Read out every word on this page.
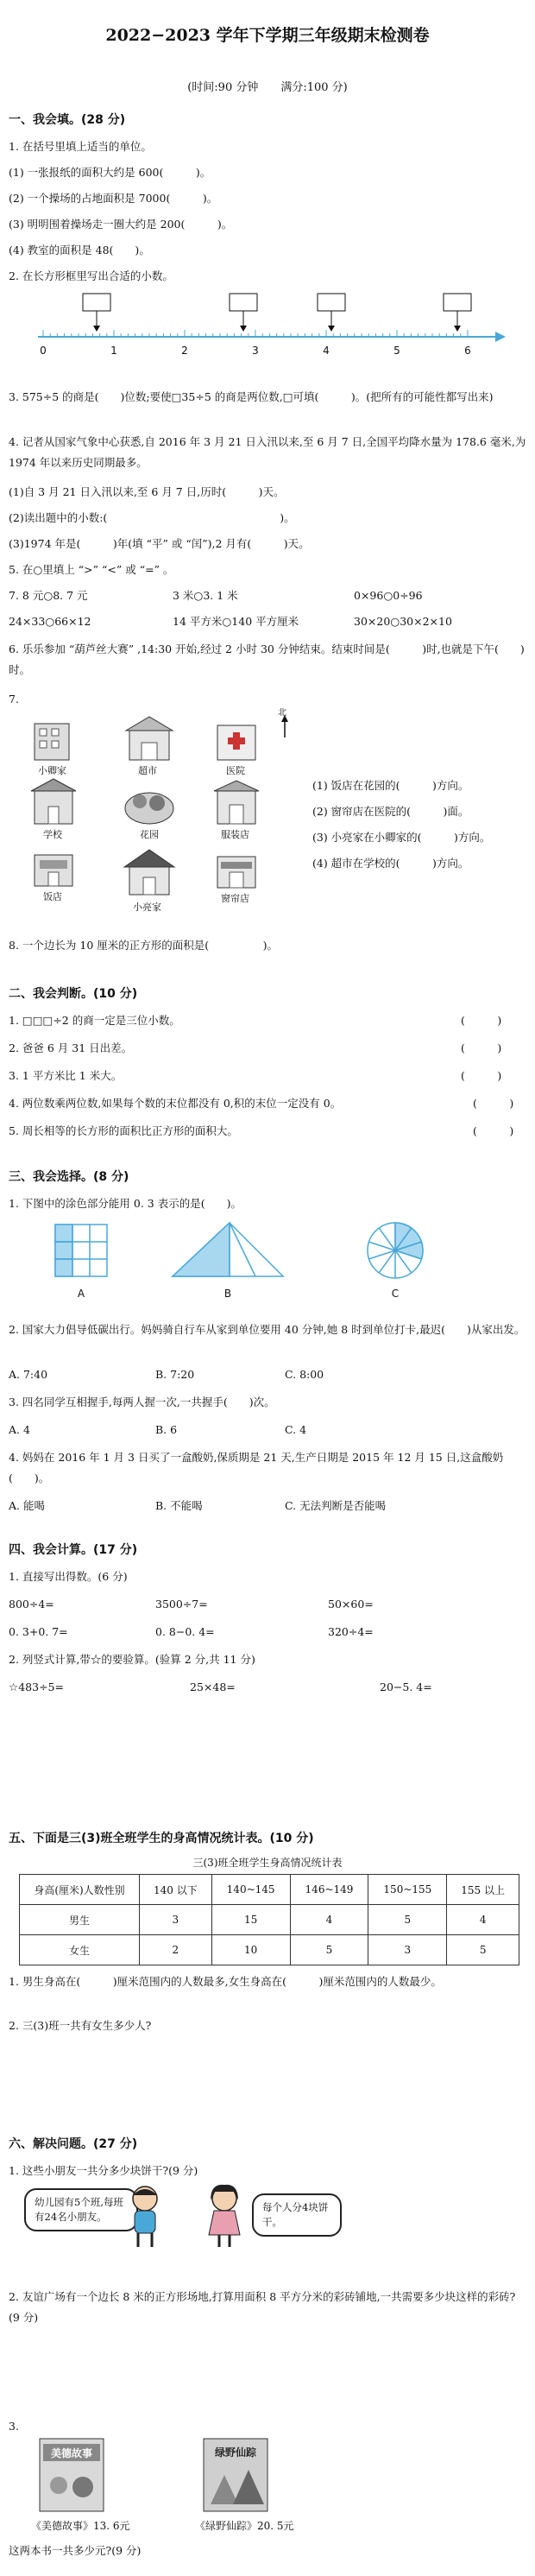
2022−2023 学年下学期三年级期末检测卷
(时间:90 分钟　　满分:100 分)
一、我会填。(28 分)
1. 在括号里填上适当的单位。
(1) 一张报纸的面积大约是 600(　　　)。
(2) 一个操场的占地面积是 7000(　　　)。
(3) 明明围着操场走一圈大约是 200(　　　)。
(4) 教室的面积是 48(　　)。
2. 在长方形框里写出合适的小数。
0	1	2	3	4	5	6
3. 575÷5 的商是(　　)位数;要使□35÷5 的商是两位数,□可填(　　　)。(把所有的可能性都写出来)
4. 记者从国家气象中心获悉,自 2016 年 3 月 21 日入汛以来,至 6 月 7 日,全国平均降水量为 178.6 毫米,为 1974 年以来历史同期最多。
(1)自 3 月 21 日入汛以来,至 6 月 7 日,历时(　　　)天。
(2)读出题中的小数:(　　　　　　　　　　　　　　　　)。
(3)1974 年是(　　　)年(填 “平” 或 “闰”),2 月有(　　　)天。
5. 在○里填上 “>” “<” 或 “=” 。
7. 8 元○8. 7 元	3 米○3. 1 米	0×96○0÷96
24×33○66×12	14 平方米○140 平方厘米	30×20○30×2×10
6. 乐乐参加 “葫芦丝大赛” ,14:30 开始,经过 2 小时 30 分钟结束。结束时间是(　　　)时,也就是下午(　　)时。
7.
北
小卿家	超市	医院
学校	花园	服装店
饭店
小亮家
窗帘店
(1) 饭店在花园的(　　　)方向。
(2) 窗帘店在医院的(　　　)面。
(3) 小亮家在小卿家的(　　　)方向。
(4) 超市在学校的(　　　)方向。
8. 一个边长为 10 厘米的正方形的面积是(　　　　　)。
二、我会判断。(10 分)
1. □□□÷2 的商一定是三位小数。	(　　　)
2. 爸爸 6 月 31 日出差。	(　　　)
3. 1 平方米比 1 米大。	(　　　)
4. 两位数乘两位数,如果每个数的末位都没有 0,积的末位一定没有 0。	(　　　)
5. 周长相等的长方形的面积比正方形的面积大。	(　　　)
三、我会选择。(8 分)
1. 下图中的涂色部分能用 0. 3 表示的是(　　)。
A	B	C
2. 国家大力倡导低碳出行。妈妈骑自行车从家到单位要用 40 分钟,她 8 时到单位打卡,最迟(　　)从家出发。
A. 7:40	B. 7:20	C. 8:00
3. 四名同学互相握手,每两人握一次,一共握手(　　)次。
A. 4	B. 6	C. 4
4. 妈妈在 2016 年 1 月 3 日买了一盒酸奶,保质期是 21 天,生产日期是 2015 年 12 月 15 日,这盒酸奶(　　)。
A. 能喝	B. 不能喝	C. 无法判断是否能喝
四、我会计算。(17 分)
1. 直接写出得数。(6 分)
800÷4=	3500÷7=	50×60=
0. 3+0. 7=	0. 8−0. 4=	320÷4=
2. 列竖式计算,带☆的要验算。(验算 2 分,共 11 分)
☆483÷5=	25×48=	20−5. 4=
五、下面是三(3)班全班学生的身高情况统计表。(10 分)
三(3)班全班学生身高情况统计表
身高(厘米)人数性别	140 以下	140~145	146~149	150~155	155 以上
男生	3	15	4	5	4
女生	2	10	5	3	5
1. 男生身高在(　　　)厘米范围内的人数最多,女生身高在(　　　)厘米范围内的人数最少。
2. 三(3)班一共有女生多少人?
六、解决问题。(27 分)
1. 这些小朋友一共分多少块饼干?(9 分)
幼儿园有5个班,每班有24名小朋友。
每个人分4块饼干。
2. 友谊广场有一个边长 8 米的正方形场地,打算用面积 8 平方分米的彩砖铺地,一共需要多少块这样的彩砖?(9 分)
3.
美德故事	绿野仙踪
《美德故事》13. 6元	《绿野仙踪》20. 5元
这两本书一共多少元?(9 分)
